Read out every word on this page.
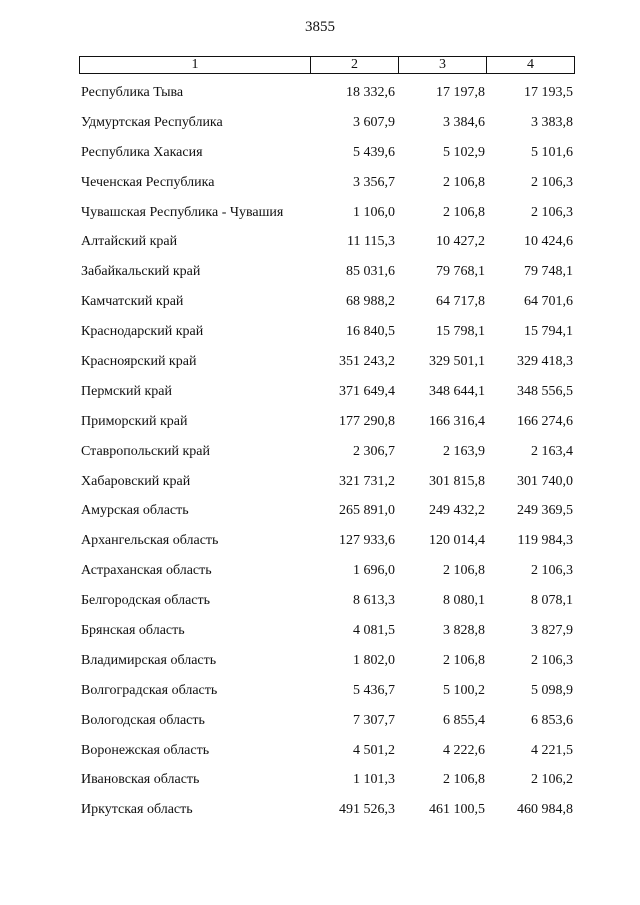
3855
1	2	3	4
Республика Тыва	18 332,6	17 197,8	17 193,5
Удмуртская Республика	3 607,9	3 384,6	3 383,8
Республика Хакасия	5 439,6	5 102,9	5 101,6
Чеченская Республика	3 356,7	2 106,8	2 106,3
Чувашская Республика - Чувашия	1 106,0	2 106,8	2 106,3
Алтайский край	11 115,3	10 427,2	10 424,6
Забайкальский край	85 031,6	79 768,1	79 748,1
Камчатский край	68 988,2	64 717,8	64 701,6
Краснодарский край	16 840,5	15 798,1	15 794,1
Красноярский край	351 243,2	329 501,1	329 418,3
Пермский край	371 649,4	348 644,1	348 556,5
Приморский край	177 290,8	166 316,4	166 274,6
Ставропольский край	2 306,7	2 163,9	2 163,4
Хабаровский край	321 731,2	301 815,8	301 740,0
Амурская область	265 891,0	249 432,2	249 369,5
Архангельская область	127 933,6	120 014,4	119 984,3
Астраханская область	1 696,0	2 106,8	2 106,3
Белгородская область	8 613,3	8 080,1	8 078,1
Брянская область	4 081,5	3 828,8	3 827,9
Владимирская область	1 802,0	2 106,8	2 106,3
Волгоградская область	5 436,7	5 100,2	5 098,9
Вологодская область	7 307,7	6 855,4	6 853,6
Воронежская область	4 501,2	4 222,6	4 221,5
Ивановская область	1 101,3	2 106,8	2 106,2
Иркутская область	491 526,3	461 100,5	460 984,8
